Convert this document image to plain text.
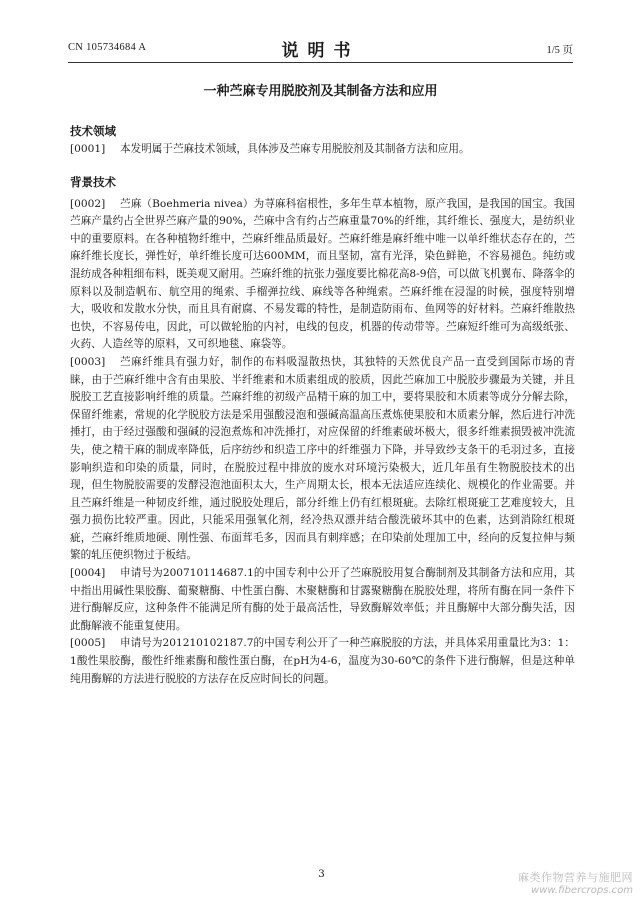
CN 105734684 A	说明书	1/5 页
一种苎麻专用脱胶剂及其制备方法和应用
技术领域
[0001] 本发明属于苎麻技术领域，具体涉及苎麻专用脱胶剂及其制备方法和应用。
背景技术
[0002] 苎麻（Boehmeria nivea）为荨麻科宿根性，多年生草本植物，原产我国，是我国的国宝。我国苎麻产量约占全世界苎麻产量的90%，苎麻中含有约占苎麻重量70%的纤维，其纤维长、强度大，是纺织业中的重要原料。在各种植物纤维中，苎麻纤维品质最好。苎麻纤维是麻纤维中唯一以单纤维状态存在的，苎麻纤维长度长，弹性好，单纤维长度可达600MM，而且坚韧，富有光泽，染色鲜艳，不容易褪色。纯纺或混纺成各种粗细布料，既美观又耐用。苎麻纤维的抗张力强度要比棉花高8-9倍，可以做飞机翼布、降落伞的原料以及制造帆布、航空用的绳索、手榴弹拉线、麻线等各种绳索。苎麻纤维在浸湿的时候，强度特别增大，吸收和发散水分快，而且具有耐腐、不易发霉的特性，是制造防雨布、鱼网等的好材料。苎麻纤维散热也快，不容易传电，因此，可以做轮胎的内衬，电线的包皮，机器的传动带等。苎麻短纤维可为高级纸张、火药、人造丝等的原料，又可织地毯、麻袋等。
[0003] 苎麻纤维具有强力好，制作的布料吸湿散热快，其独特的天然优良产品一直受到国际市场的青睐，由于苎麻纤维中含有由果胶、半纤维素和木质素组成的胶质，因此苎麻加工中脱胶步骤最为关键，并且脱胶工艺直接影响纤维的质量。苎麻纤维的初级产品精干麻的加工中，要将果胶和木质素等成分分解去除，保留纤维素，常规的化学脱胶方法是采用强酸浸泡和强碱高温高压煮炼使果胶和木质素分解，然后进行冲洗捶打，由于经过强酸和强碱的浸泡煮炼和冲洗捶打，对应保留的纤维素破坏极大，很多纤维素损毁被冲洗流失，使之精干麻的制成率降低，后序纺纱和织造工序中的纤维强力下降，并导致纱支条干的毛羽过多，直接影响织造和印染的质量，同时，在脱胶过程中排放的废水对环境污染极大，近几年虽有生物脱胶技术的出现，但生物脱胶需要的发酵浸泡池面积太大，生产周期太长，根本无法适应连续化、规模化的作业需要。并且苎麻纤维是一种韧皮纤维，通过脱胶处理后，部分纤维上仍有红根斑疵。去除红根斑疵工艺难度较大，且强力损伤比较严重。因此，只能采用强氧化剂，经冷热双漂并结合酸洗破坏其中的色素，达到消除红根斑疵，苎麻纤维质地硬、刚性强、布面茸毛多，因而具有刺痒感；在印染前处理加工中，经向的反复拉伸与频繁的轧压使织物过于板结。
[0004] 申请号为200710114687.1的中国专利中公开了苎麻脱胶用复合酶制剂及其制备方法和应用，其中指出用碱性果胶酶、葡聚糖酶、中性蛋白酶、木聚糖酶和甘露聚糖酶在脱胶处理，将所有酶在同一条件下进行酶解反应，这种条件不能满足所有酶的处于最高活性，导致酶解效率低；并且酶解中大部分酶失活，因此酶解液不能重复使用。
[0005] 申请号为201210102187.7的中国专利公开了一种苎麻脱胶的方法，并具体采用重量比为3：1：1酸性果胶酶，酸性纤维素酶和酸性蛋白酶，在pH为4-6，温度为30-60℃的条件下进行酶解，但是这种单纯用酶解的方法进行脱胶的方法存在反应时间长的问题。
3	麻类作物营养与施肥网
www.fibercrops.com
